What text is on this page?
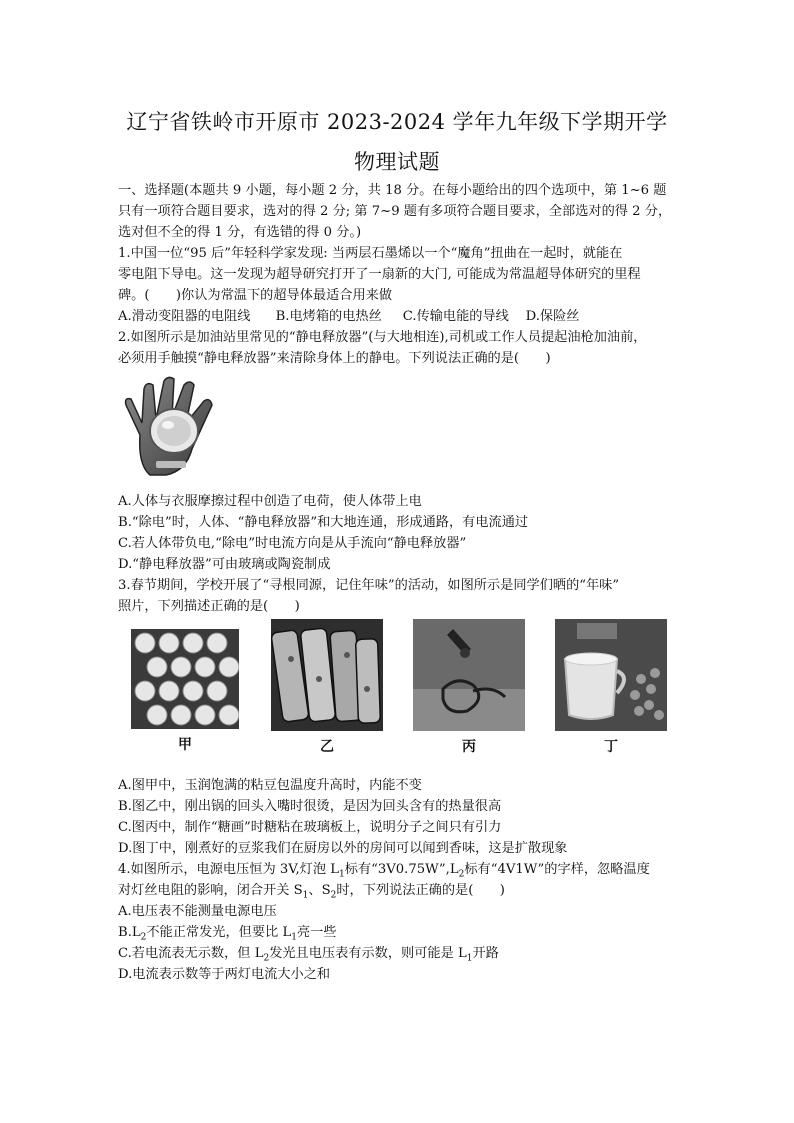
辽宁省铁岭市开原市 2023-2024 学年九年级下学期开学
物理试题
一、选择题(本题共 9 小题，每小题 2 分，共 18 分。在每小题给出的四个选项中，第 1~6 题
只有一项符合题目要求，选对的得 2 分; 第 7~9 题有多项符合题目要求，全部选对的得 2 分，
选对但不全的得 1 分，有选错的得 0 分。)
1.中国一位“95 后”年轻科学家发现: 当两层石墨烯以一个“魔角”扭曲在一起时，就能在
零电阻下导电。这一发现为超导研究打开了一扇新的大门, 可能成为常温超导体研究的里程
碑。(　　)你认为常温下的超导体最适合用来做
A.滑动变阻器的电阻线 B.电烤箱的电热丝 C.传输电能的导线 D.保险丝
2.如图所示是加油站里常见的“静电释放器”(与大地相连),司机或工作人员提起油枪加油前，
必须用手触摸“静电释放器”来清除身体上的静电。下列说法正确的是(　　)
A.人体与衣服摩擦过程中创造了电荷，使人体带上电
B.“除电”时，人体、“静电释放器”和大地连通，形成通路，有电流通过
C.若人体带负电,“除电”时电流方向是从手流向“静电释放器”
D.“静电释放器”可由玻璃或陶瓷制成
3.春节期间，学校开展了“寻根同源，记住年味”的活动，如图所示是同学们晒的“年味”
照片，下列描述正确的是(　　)
甲	乙	丙	丁
A.图甲中，玉润饱满的粘豆包温度升高时，内能不变
B.图乙中，刚出锅的回头入嘴时很烫，是因为回头含有的热量很高
C.图丙中，制作“糖画”时糖粘在玻璃板上，说明分子之间只有引力
D.图丁中，刚煮好的豆浆我们在厨房以外的房间可以闻到香味，这是扩散现象
4.如图所示，电源电压恒为 3V,灯泡 $L_1$标有“$3V0.75W”,L_2$标有“4V1W”的字样，忽略温度
对灯丝电阻的影响，闭合开关 $S_1$、$S_2$时，下列说法正确的是(　　)
A.电压表不能测量电源电压
$B.L_2$不能正常发光，但要比 $L_1$亮一些
C.若电流表无示数，但 $L_2$发光且电压表有示数，则可能是 $L_1$开路
D.电流表示数等于两灯电流大小之和
